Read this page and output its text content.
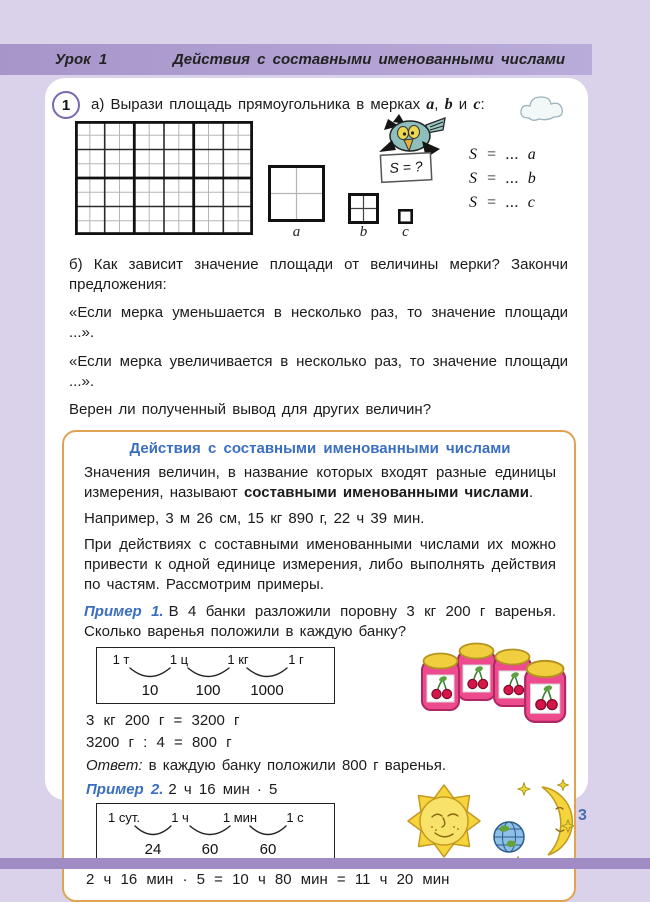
Урок 1	Действия с составными именованными числами
1	а) Вырази площадь прямоугольника в мерках a, b и c:
a	b	c
S = ?
S = ... a
S = ... b
S = ... c
б) Как зависит значение площади от величины мерки? Закончи предложения:
«Если мерка уменьшается в несколько раз, то значение площади ...».
«Если мерка увеличивается в несколько раз, то значение площади ...».
Верен ли полученный вывод для других величин?
Действия с составными именованными числами

Значения величин, в название которых входят разные единицы измерения, называют составными именованными числами.

Например, 3 м 26 см, 15 кг 890 г, 22 ч 39 мин.

При действиях с составными именованными числами их можно привести к одной единице измерения, либо выполнять действия по частям. Рассмотрим примеры.

Пример 1. В 4 банки разложили поровну 3 кг 200 г варенья. Сколько варенья положили в каждую банку?

1 т	1 ц	1 кг	1 г
10 100 1000
3 кг 200 г = 3200 г
3200 г : 4 = 800 г
Ответ: в каждую банку положили 800 г варенья.
Пример 2. 2 ч 16 мин · 5
1 сут. 1 ч	1 мин 1 с
24	60	60
2 ч 16 мин · 5 = 10 ч 80 мин = 11 ч 20 мин
3
